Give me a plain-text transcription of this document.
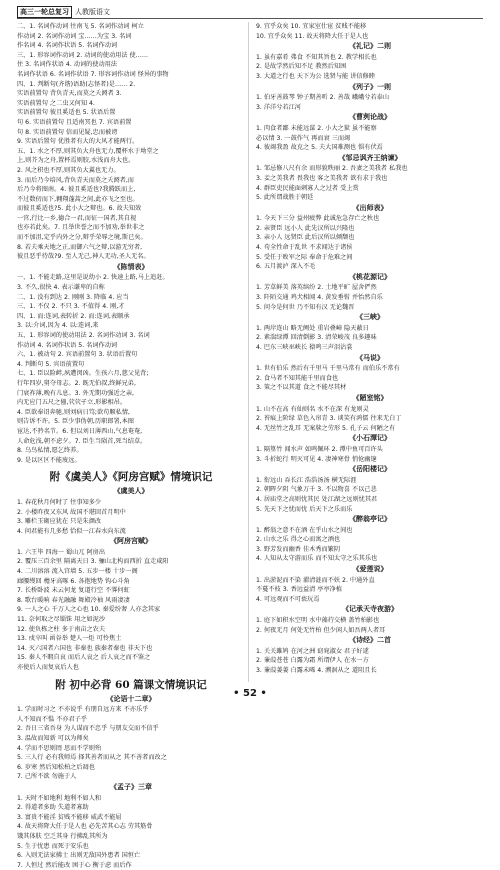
高三一轮总复习 人教版语文
二、1. 名词作动词 往南飞 5. 名词作动词 柯立
作动词 2. 名词作动词 宝……为宝 3. 名词
作名词 4. 名词作状语 5. 名词作动词
三、1. 形容词作动词 2. 动词的使动用法 使……
住 3. 名词作状语 4. 动词的使动用法
名词作状语 6. 名词作状语 7. 形容词作动词 怪异的事物
四、1. 判断句(齐谐)语助(志怪者)是…… 2.
实语前置句 背负青天,而莫之夭阏者 3.
实语前置句 之二虫又何知 4.
实语前置句 彼且奚适也 5. 状语后置
句 6. 实语前置句 且适南冥也 7. 宾语前置
句 8. 实语前置句 信而见疑,忠而被谤
9. 实语后置句 优胜者有大的大风才能两行。
五、1. 水之不厚,则其负大舟也无力,覆杯水于坳堂之
上,则芥为之舟,置杯焉则胶,水浅而舟大也。
2. 风之积也不厚,则其负大翼也无力。
3. 而后乃今培风,背负青天而莫之夭阏者,而
后乃今将图南。4. 彼且奚适也?我腾跃而上,
不过数仞而下,翱翔蓬蒿之间,此亦飞之至也。
而彼且奚适也?5. 此小大之辩也。6. 故夫知效
一官,行比一乡,德合一君,而征一国者,其自视
也亦若此矣。7. 且举世誉之而不加劝,举世非之
而不加沮,定乎内外之分,辩乎荣辱之境,斯已矣。
8. 若夫乘天地之正,而御六气之辩,以游无穷者,
彼且恶乎待哉?9. 至人无己,神人无功,圣人无名。
《陈情表》
一、1. 不能走路,这里是说幼小 2. 快速上路,马上追赶。
3. 不久,很快 4. 表示谦卑的自称
二、1. 没有到达 2. 刚刚 3. 降临 4. 应当
三、1. 不仅 2. 不只 3. 不值得 4. 刚,才
四、1. 而:连词,表转折 2. 而:连词,表顺承
3. 以:介词,因为 4. 以:连词,来
五、1. 形容词的使动用法 2. 名词作动词 3. 名词
作动词 4. 名词作状语 5. 名词作动词
六、1. 被动句 2. 宾语前置句 3. 状语后置句
4. 判断句 5. 宾语前置句
七、1. 臣以险衅,夙遭闵凶。生孩六月,慈父见背;
行年四岁,舅夺母志。2. 既无伯叔,终鲜兄弟,
门衰祚薄,晚有儿息。3. 外无期功强近之亲,
内无应门五尺之僮,茕茕孑立,形影相吊。
4. 臣欲奉诏奔驰,则刘病日笃;欲苟顺私情,
则告诉不许。5. 臣少事伪朝,历职郎署,本图
宦达,不矜名节。6. 但以刘日薄西山,气息奄奄,
人命危浅,朝不虑夕。7. 臣生当陨首,死当结草。
8. 乌鸟私情,愿乞终养。
9. 是以区区不能废远。
附《虞美人》《阿房宫赋》情境识记
《虞美人》
1. 春花秋月何时了 往事知多少
2. 小楼昨夜又东风 故国不堪回首月明中
3. 雕栏玉砌应犹在 只是朱颜改
4. 问君能有几多愁 恰似一江春水向东流
《阿房宫赋》
1. 六王毕 四海一 蜀山兀 阿房出
2. 覆压三百余里 隔离天日 3. 骊山北构而西折 直走咸阳
4. 二川溶溶 流入宫墙 5. 五步一楼 十步一阁
廊腰缦回 檐牙高啄 6. 各抱地势 钩心斗角
7. 长桥卧波 未云何龙 复道行空 不霁何虹
8. 歌台暖响 春光融融 舞殿冷袖 风雨凄凄
9. 一人之心 千万人之心也 10. 秦爱纷奢 人亦念其家
11. 奈何取之尽锱铢 用之如泥沙
12. 使负栋之柱 多于南亩之农夫
13. 戍卒叫 函谷举 楚人一炬 可怜焦土
14. 灭六国者六国也 非秦也 族秦者秦也 非天下也
15. 秦人不暇自哀 而后人哀之 后人哀之而不鉴之
亦使后人而复哀后人也
附 初中必背 60 篇课文情境识记
《论语十二章》
1. 学而时习之 不亦说乎 有朋自远方来 不亦乐乎
人不知而不愠 不亦君子乎
2. 吾日三省吾身 为人谋而不忠乎 与朋友交而不信乎
3. 温故而知新 可以为师矣
4. 学而不思则罔 思而不学则殆
5. 三人行 必有我师焉 择其善者而从之 其不善者而改之
6. 岁寒 然后知松柏之后凋也
7. 己所不欲 勿施于人
《孟子》三章
1. 天时不如地利 地利不如人和
2. 得道者多助 失道者寡助
3. 富贵不能淫 贫贱不能移 威武不能屈
4. 故天将降大任于是人也 必先苦其心志 劳其筋骨
饿其体肤 空乏其身 行拂乱其所为
5. 生于忧患 而死于安乐也
6. 入则无法家拂士 出则无敌国外患者 国恒亡
7. 人恒过 然后能改 困于心 衡于虑 而后作
9. 宜乎众矣 10. 宜家室仕宦 贫贱不能移
10. 宜乎众矣 11. 故天将降大任于是人也
《礼记》二则
1. 虽有嘉肴 弗食 不知其旨也 2. 教学相长也
2. 是故学然后知不足 教然后知困
3. 大道之行也 天下为公 选贤与能 讲信修睦
《列子》一则
1. 伯牙善鼓琴 钟子期善听 2. 善哉 峨峨兮若泰山
3. 洋洋兮若江河
《曹刿论战》
1. 肉食者鄙 未能远谋 2. 小大之狱 虽不能察
必以情 3. 一鼓作气 再而衰 三而竭
4. 彼竭我盈 故克之 5. 夫大国难测也 惧有伏焉
《邹忌讽齐王纳谏》
1. 邹忌修八尺有余 而形貌昳丽 2. 吾妻之美我者 私我也
3. 妾之美我者 畏我也 客之美我者 欲有求于我也
4. 群臣吏民能面刺寡人之过者 受上赏
5. 此所谓战胜于朝廷
《出师表》
1. 今天下三分 益州疲弊 此诚危急存亡之秋也
2. 亲贤臣 远小人 此先汉所以兴隆也
3. 亲小人 远贤臣 此后汉所以倾颓也
4. 苟全性命于乱世 不求闻达于诸侯
5. 受任于败军之际 奉命于危难之间
6. 五月渡泸 深入不毛
《桃花源记》
1. 芳草鲜美 落英缤纷 2. 土地平旷 屋舍俨然
3. 阡陌交通 鸡犬相闻 4. 黄发垂髫 并怡然自乐
5. 问今是何世 乃不知有汉 无论魏晋
《三峡》
1. 两岸连山 略无阙处 重岩叠嶂 隐天蔽日
2. 素湍绿潭 回清倒影 3. 清荣峻茂 良多趣味
4. 巴东三峡巫峡长 猿鸣三声泪沾裳
《马说》
1. 世有伯乐 然后有千里马 千里马常有 而伯乐不常有
2. 食马者不知其能千里而食也
3. 策之不以其道 食之不能尽其材
《陋室铭》
1. 山不在高 有仙则名 水不在深 有龙则灵
2. 苔痕上阶绿 草色入帘青 3. 谈笑有鸿儒 往来无白丁
4. 无丝竹之乱耳 无案牍之劳形 5. 孔子云 何陋之有
《小石潭记》
1. 隔篁竹 闻水声 如鸣佩环 2. 潭中鱼可百许头
3. 斗折蛇行 明灭可见 4. 凄神寒骨 悄怆幽邃
《岳阳楼记》
1. 衔远山 吞长江 浩浩汤汤 横无际涯
2. 朝晖夕阴 气象万千 3. 不以物喜 不以己悲
4. 居庙堂之高则忧其民 处江湖之远则忧其君
5. 先天下之忧而忧 后天下之乐而乐
《醉翁亭记》
1. 醉翁之意不在酒 在乎山水之间也
2. 山水之乐 得之心而寓之酒也
3. 野芳发而幽香 佳木秀而繁阴
4. 人知从太守游而乐 而不知太守之乐其乐也
《爱莲说》
1. 出淤泥而不染 濯清涟而不妖 2. 中通外直
不蔓不枝 3. 香远益清 亭亭净植
4. 可远观而不可亵玩焉
《记承天寺夜游》
1. 庭下如积水空明 水中藻荇交横 盖竹柏影也
2. 何夜无月 何处无竹柏 但少闲人如吾两人者耳
《诗经》二首
1. 关关雎鸠 在河之洲 窈窕淑女 君子好逑
2. 蒹葭苍苍 白露为霜 所谓伊人 在水一方
3. 蒹葭萋萋 白露未晞 4. 溯洄从之 道阻且长
• 52 •
